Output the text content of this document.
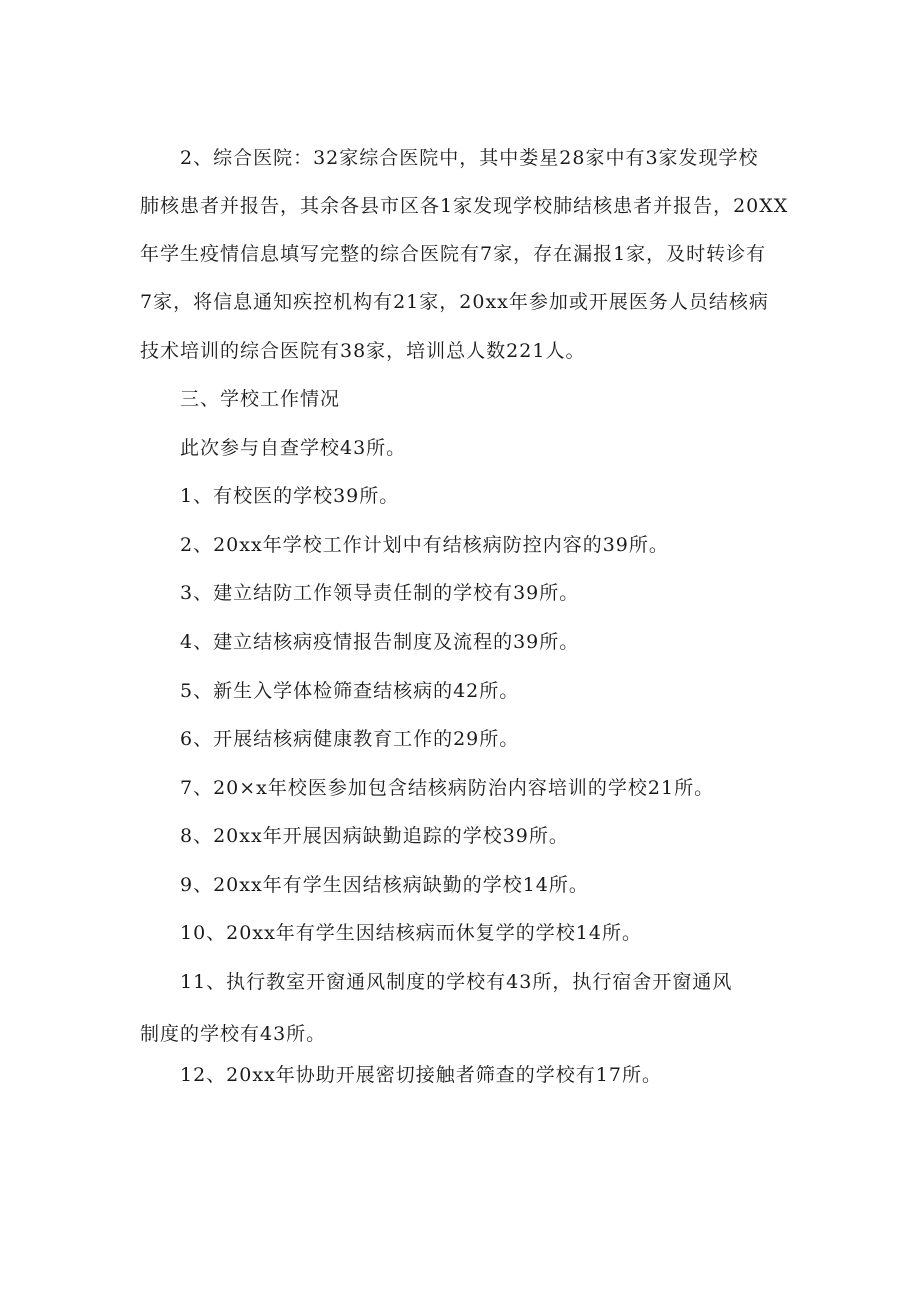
2、综合医院：32家综合医院中，其中娄星28家中有3家发现学校
肺核患者并报告，其余各县市区各1家发现学校肺结核患者并报告，20XX
年学生疫情信息填写完整的综合医院有7家，存在漏报1家，及时转诊有
7家，将信息通知疾控机构有21家，20xx年参加或开展医务人员结核病
技术培训的综合医院有38家，培训总人数221人。
三、学校工作情况
此次参与自查学校43所。
1、有校医的学校39所。
2、20xx年学校工作计划中有结核病防控内容的39所。
3、建立结防工作领导责任制的学校有39所。
4、建立结核病疫情报告制度及流程的39所。
5、新生入学体检筛查结核病的42所。
6、开展结核病健康教育工作的29所。
7、20×x年校医参加包含结核病防治内容培训的学校21所。
8、20xx年开展因病缺勤追踪的学校39所。
9、20xx年有学生因结核病缺勤的学校14所。
10、20xx年有学生因结核病而休复学的学校14所。
11、执行教室开窗通风制度的学校有43所，执行宿舍开窗通风
制度的学校有43所。
12、20xx年协助开展密切接触者筛查的学校有17所。
